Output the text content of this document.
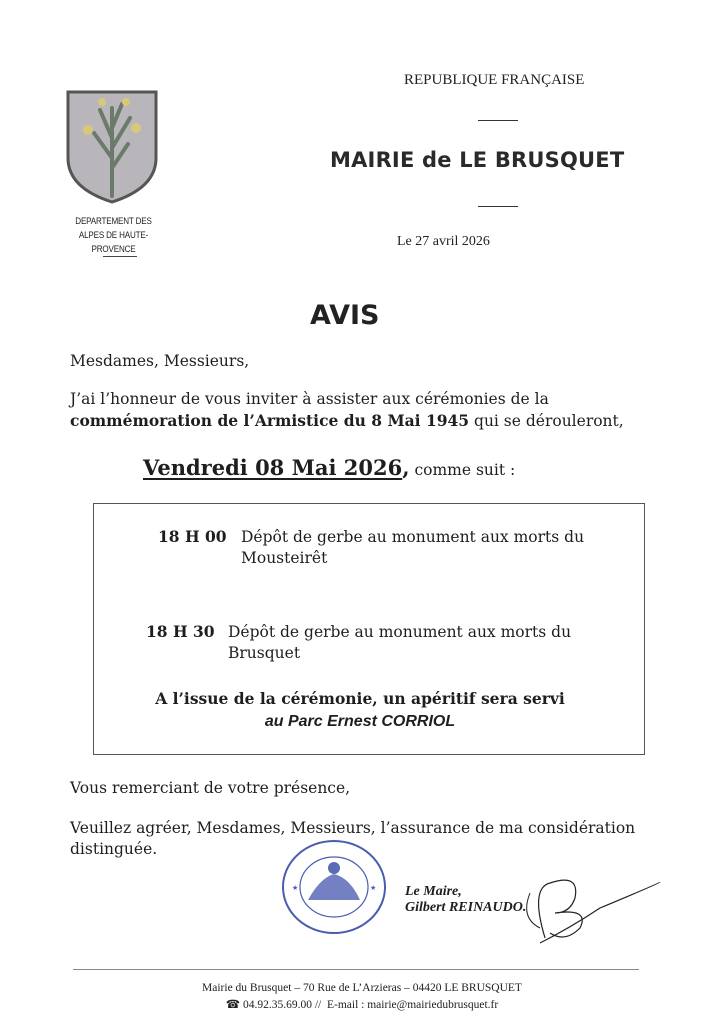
DEPARTEMENT DES ALPES DE HAUTE-PROVENCE
REPUBLIQUE FRANÇAISE
MAIRIE de LE BRUSQUET
Le 27 avril 2026
AVIS
Mesdames, Messieurs,
J’ai l’honneur de vous inviter à assister aux cérémonies de la
commémoration de l’Armistice du 8 Mai 1945 qui se dérouleront,
Vendredi 08 Mai 2026, comme suit :
18 H 00 Dépôt de gerbe au monument aux morts du Mousteirêt
18 H 30 Dépôt de gerbe au monument aux morts du Brusquet
A l’issue de la cérémonie, un apéritif sera servi
au Parc Ernest CORRIOL
Vous remerciant de votre présence,
Veuillez agréer, Mesdames, Messieurs, l’assurance de ma considération distinguée.
★	★ Le Maire,
Gilbert REINAUDO.
Mairie du Brusquet – 70 Rue de L’Arzieras – 04420 LE BRUSQUET
☎ 04.92.35.69.00 // E-mail : mairie@mairiedubrusquet.fr
